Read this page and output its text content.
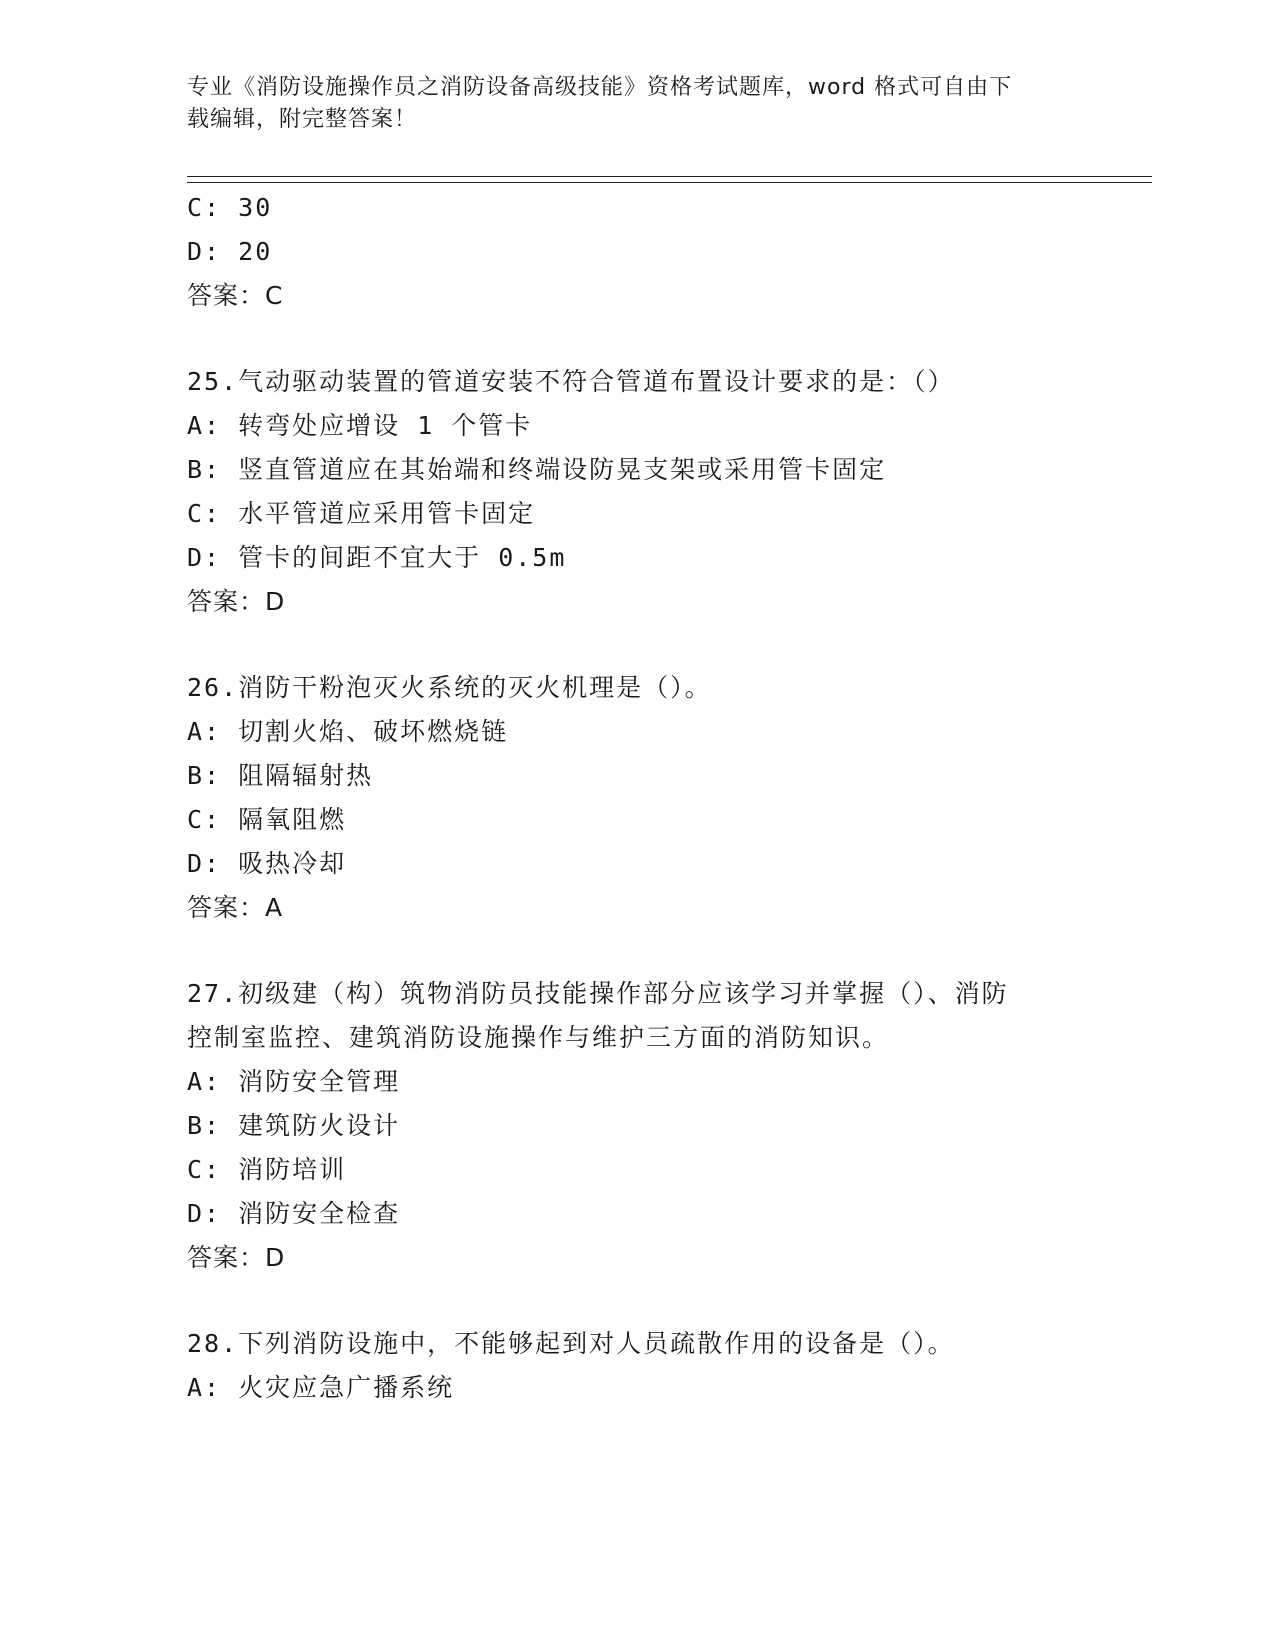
专业《消防设施操作员之消防设备高级技能》资格考试题库，word 格式可自由下
载编辑，附完整答案！
C: 30
D: 20
答案：C
25.气动驱动装置的管道安装不符合管道布置设计要求的是：（）
A: 转弯处应增设 1 个管卡
B: 竖直管道应在其始端和终端设防晃支架或采用管卡固定
C: 水平管道应采用管卡固定
D: 管卡的间距不宜大于 0.5m
答案：D
26.消防干粉泡灭火系统的灭火机理是（）。
A: 切割火焰、破坏燃烧链
B: 阻隔辐射热
C: 隔氧阻燃
D: 吸热冷却
答案：A
27.初级建（构）筑物消防员技能操作部分应该学习并掌握（）、消防
控制室监控、建筑消防设施操作与维护三方面的消防知识。
A: 消防安全管理
B: 建筑防火设计
C: 消防培训
D: 消防安全检查
答案：D
28.下列消防设施中，不能够起到对人员疏散作用的设备是（）。
A: 火灾应急广播系统
